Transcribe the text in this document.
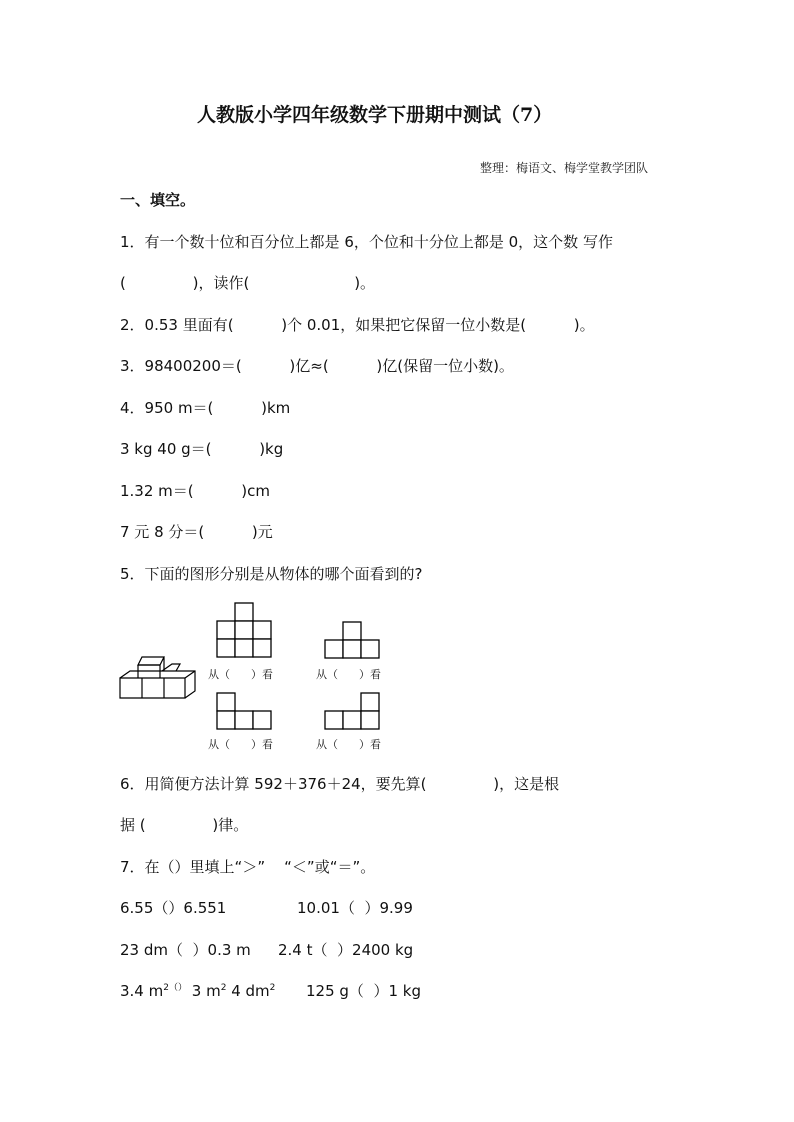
人教版小学四年级数学下册期中测试（7）
整理：梅语文、梅学堂教学团队
一、填空。
1．有一个数十位和百分位上都是 6，个位和十分位上都是 0，这个数 写作
(              )，读作(                      )。
2．0.53 里面有(          )个 0.01，如果把它保留一位小数是(          )。
3．98400200＝(          )亿≈(          )亿(保留一位小数)。
4．950 m＝(          )km
3 kg 40 g＝(          )kg
1.32 m＝(          )cm
7 元 8 分＝(          )元
5．下面的图形分别是从物体的哪个面看到的?
从（      ）看	从（      ）看
从（      ）看	从（      ）看
6．用简便方法计算 592＋376＋24，要先算(              )，这是根
据 (              )律。
7．在（）里填上“＞”    “＜”或“＝”。
6.55（）6.551	10.01（  ）9.99
23 dm（  ）0.3 m 2.4 t（  ）2400 kg
3.4 $m^{2()}$ 3 $m^2$ 4 $dm^2$ 125 g（  ）1 kg
